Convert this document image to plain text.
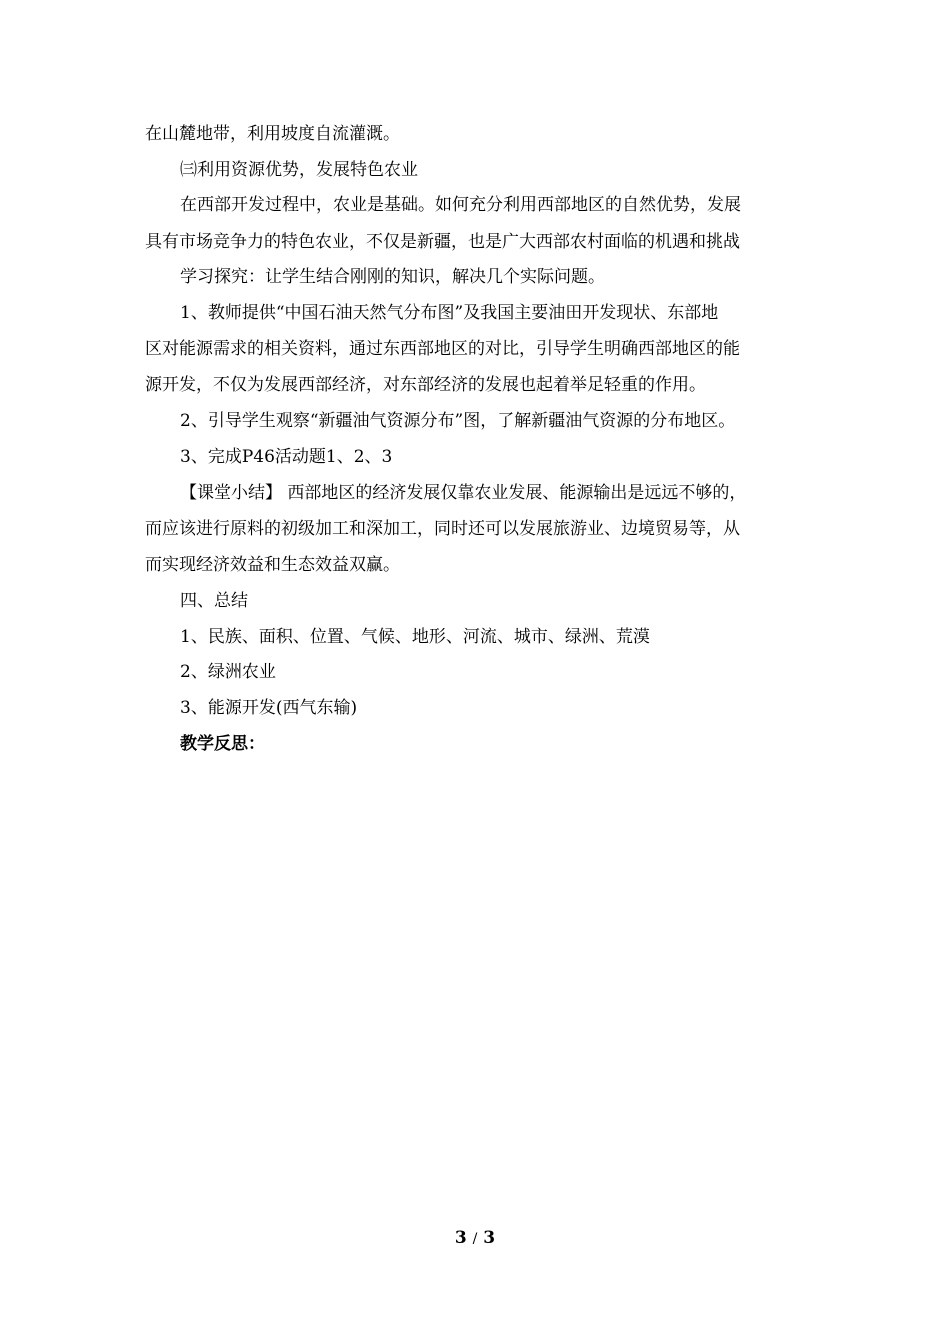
在山麓地带，利用坡度自流灌溉。
㈢利用资源优势，发展特色农业
在西部开发过程中，农业是基础。如何充分利用西部地区的自然优势，发展
具有市场竞争力的特色农业，不仅是新疆，也是广大西部农村面临的机遇和挑战
学习探究：让学生结合刚刚的知识，解决几个实际问题。
1、教师提供“中国石油天然气分布图”及我国主要油田开发现状、东部地
区对能源需求的相关资料，通过东西部地区的对比，引导学生明确西部地区的能
源开发，不仅为发展西部经济，对东部经济的发展也起着举足轻重的作用。
2、引导学生观察“新疆油气资源分布”图，了解新疆油气资源的分布地区。
3、完成P46活动题1、2、3
【课堂小结】 西部地区的经济发展仅靠农业发展、能源输出是远远不够的，
而应该进行原料的初级加工和深加工，同时还可以发展旅游业、边境贸易等，从
而实现经济效益和生态效益双赢。
四、总结
1、民族、面积、位置、气候、地形、河流、城市、绿洲、荒漠
2、绿洲农业
3、能源开发(西气东输)
教学反思：
3 / 3
